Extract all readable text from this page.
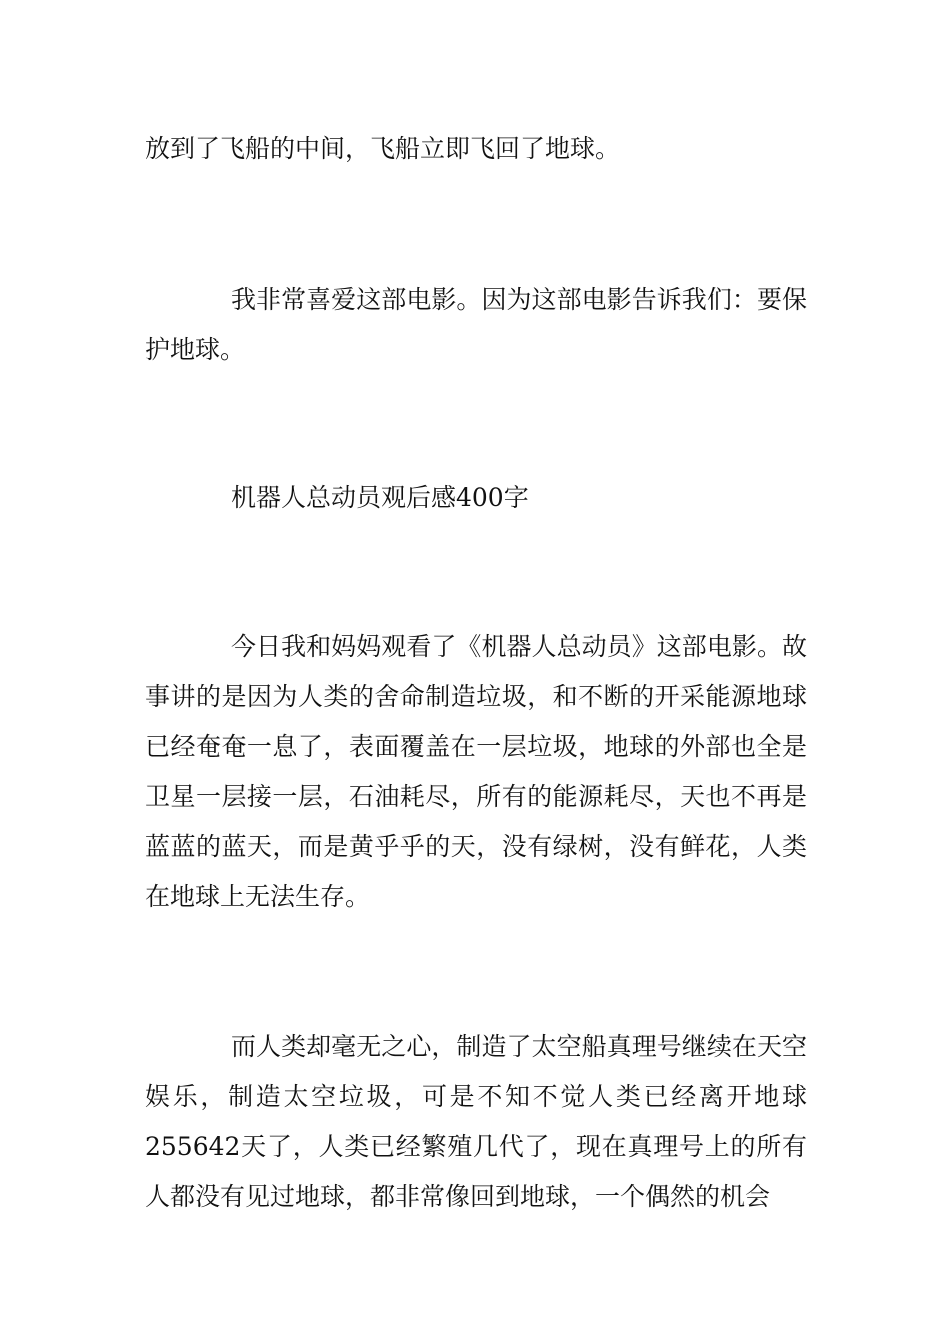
放到了飞船的中间，飞船立即飞回了地球。

我非常喜爱这部电影。因为这部电影告诉我们：要保护地球。

机器人总动员观后感400字

今日我和妈妈观看了《机器人总动员》这部电影。故事讲的是因为人类的舍命制造垃圾，和不断的开采能源地球已经奄奄一息了，表面覆盖在一层垃圾，地球的外部也全是卫星一层接一层，石油耗尽，所有的能源耗尽，天也不再是蓝蓝的蓝天，而是黄乎乎的天，没有绿树，没有鲜花，人类在地球上无法生存。

而人类却毫无之心，制造了太空船真理号继续在天空娱乐，制造太空垃圾，可是不知不觉人类已经离开地球255642天了，人类已经繁殖几代了，现在真理号上的所有人都没有见过地球，都非常像回到地球，一个偶然的机会
